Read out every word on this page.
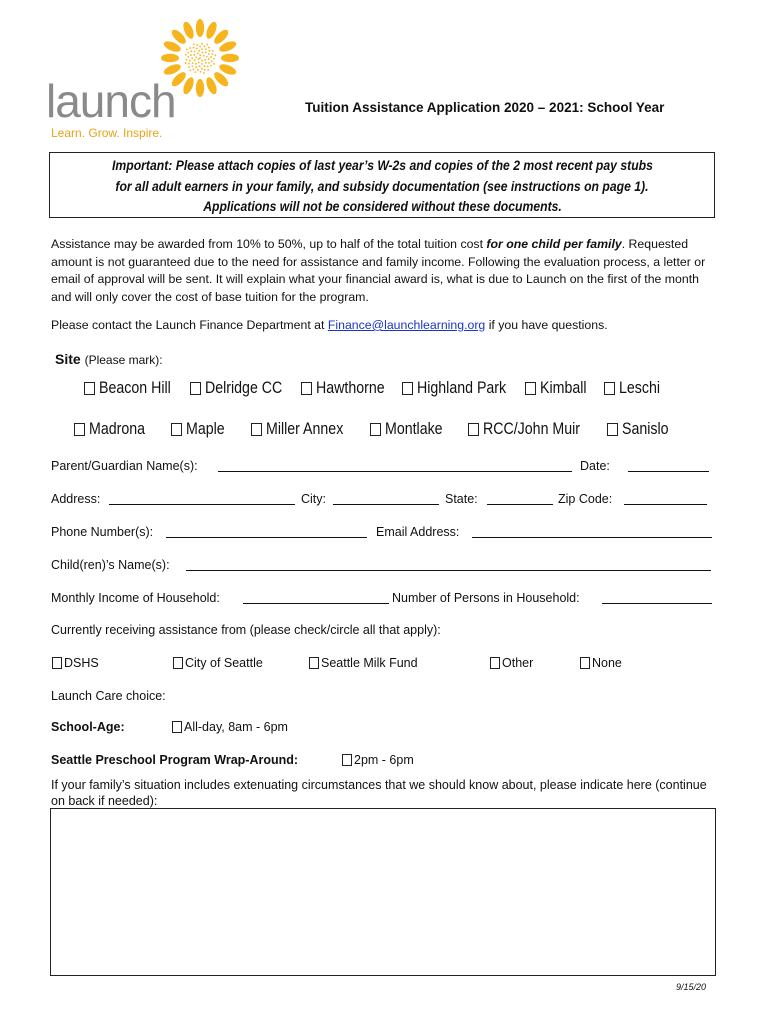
launch
Learn. Grow. Inspire.
Tuition Assistance Application 2020 – 2021: School Year
Important: Please attach copies of last year’s W-2s and copies of the 2 most recent pay stubs
for all adult earners in your family, and subsidy documentation (see instructions on page 1).
Applications will not be considered without these documents.
Assistance may be awarded from 10% to 50%, up to half of the total tuition cost for one child per family. Requested amount is not guaranteed due to the need for assistance and family income. Following the evaluation process, a letter or email of approval will be sent. It will explain what your financial award is, what is due to Launch on the first of the month and will only cover the cost of base tuition for the program.
Please contact the Launch Finance Department at Finance@launchlearning.org if you have questions.
Site (Please mark):
Beacon Hill	Delridge CC	Hawthorne	Highland Park	Kimball	Leschi
Madrona	Maple	Miller Annex	Montlake	RCC/John Muir	Sanislo
Parent/Guardian Name(s):	Date:
Address:	City:	State:	Zip Code:
Phone Number(s):	Email Address:
Child(ren)’s Name(s):
Monthly Income of Household:	Number of Persons in Household:
Currently receiving assistance from (please check/circle all that apply):
DSHS	City of Seattle	Seattle Milk Fund	Other	None
Launch Care choice:
School-Age:	All-day, 8am - 6pm
Seattle Preschool Program Wrap-Around:	2pm - 6pm
If your family’s situation includes extenuating circumstances that we should know about, please indicate here (continue on back if needed):
9/15/20
